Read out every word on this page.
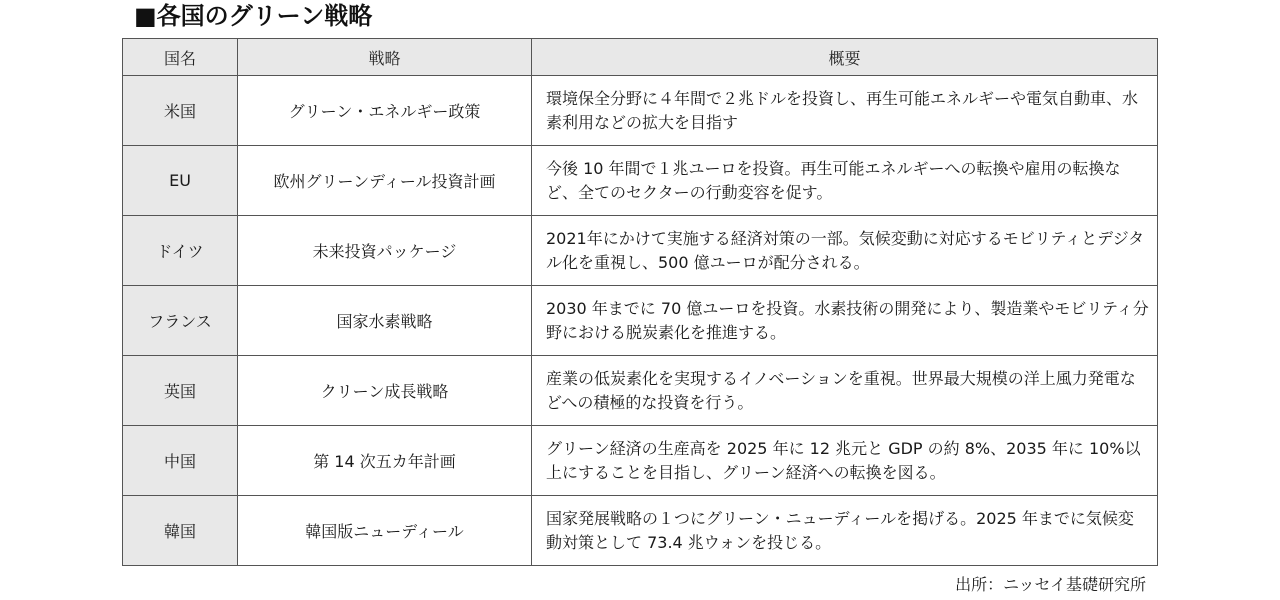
■各国のグリーン戦略
国名	戦略	概要
米国	グリーン・エネルギー政策	環境保全分野に４年間で２兆ドルを投資し、再生可能エネルギーや電気自動車、水素利用などの拡大を目指す

EU	欧州グリーンディール投資計画	今後 10 年間で１兆ユーロを投資。再生可能エネルギーへの転換や雇用の転換など、全てのセクターの行動変容を促す。

ドイツ	未来投資パッケージ	2021年にかけて実施する経済対策の一部。気候変動に対応するモビリティとデジタル化を重視し、500 億ユーロが配分される。

フランス	国家水素戦略	2030 年までに 70 億ユーロを投資。水素技術の開発により、製造業やモビリティ分野における脱炭素化を推進する。

英国	クリーン成長戦略	産業の低炭素化を実現するイノベーションを重視。世界最大規模の洋上風力発電などへの積極的な投資を行う。

中国	第 14 次五カ年計画	グリーン経済の生産高を 2025 年に 12 兆元と GDP の約 8%、2035 年に 10%以上にすることを目指し、グリーン経済への転換を図る。

韓国	韓国版ニューディール	国家発展戦略の１つにグリーン・ニューディールを掲げる。2025 年までに気候変動対策として 73.4 兆ウォンを投じる。
出所：ニッセイ基礎研究所
